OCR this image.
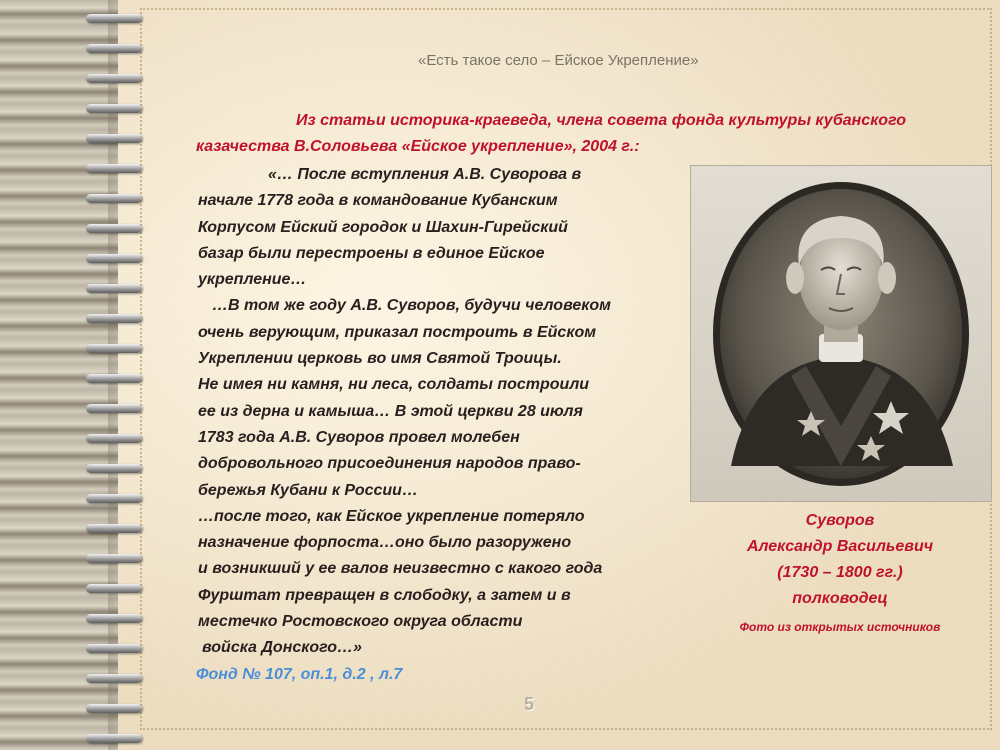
«Есть такое село – Ейское Укрепление»

Из статьи историка-краеведа, члена совета фонда культуры кубанского казачества В.Соловьева «Ейское укрепление», 2004 г.:

«… После вступления А.В. Суворова в
начале 1778 года в командование Кубанским
Корпусом Ейский городок и Шахин-Гирейский
базар были перестроены в единое Ейское
укрепление…
…В том же году А.В. Суворов, будучи человеком
очень верующим, приказал построить в Ейском
Укреплении церковь во имя Святой Троицы.
Не имея ни камня, ни леса, солдаты построили
ее из дерна и камыша… В этой церкви 28 июля
1783 года А.В. Суворов провел молебен
добровольного присоединения народов право-
бережья Кубани к России…
…после того, как Ейское укрепление потеряло
назначение форпоста…оно было разоружено
и возникший у ее валов неизвестно с какого года
Фурштат превращен в слободку, а затем и в
местечко Ростовского округа области
войска Донского…»
Фонд № 107, оп.1, д.2 , л.7
Суворов
Александр Васильевич
(1730 – 1800 гг.)
полководец
Фото из открытых источников
5
